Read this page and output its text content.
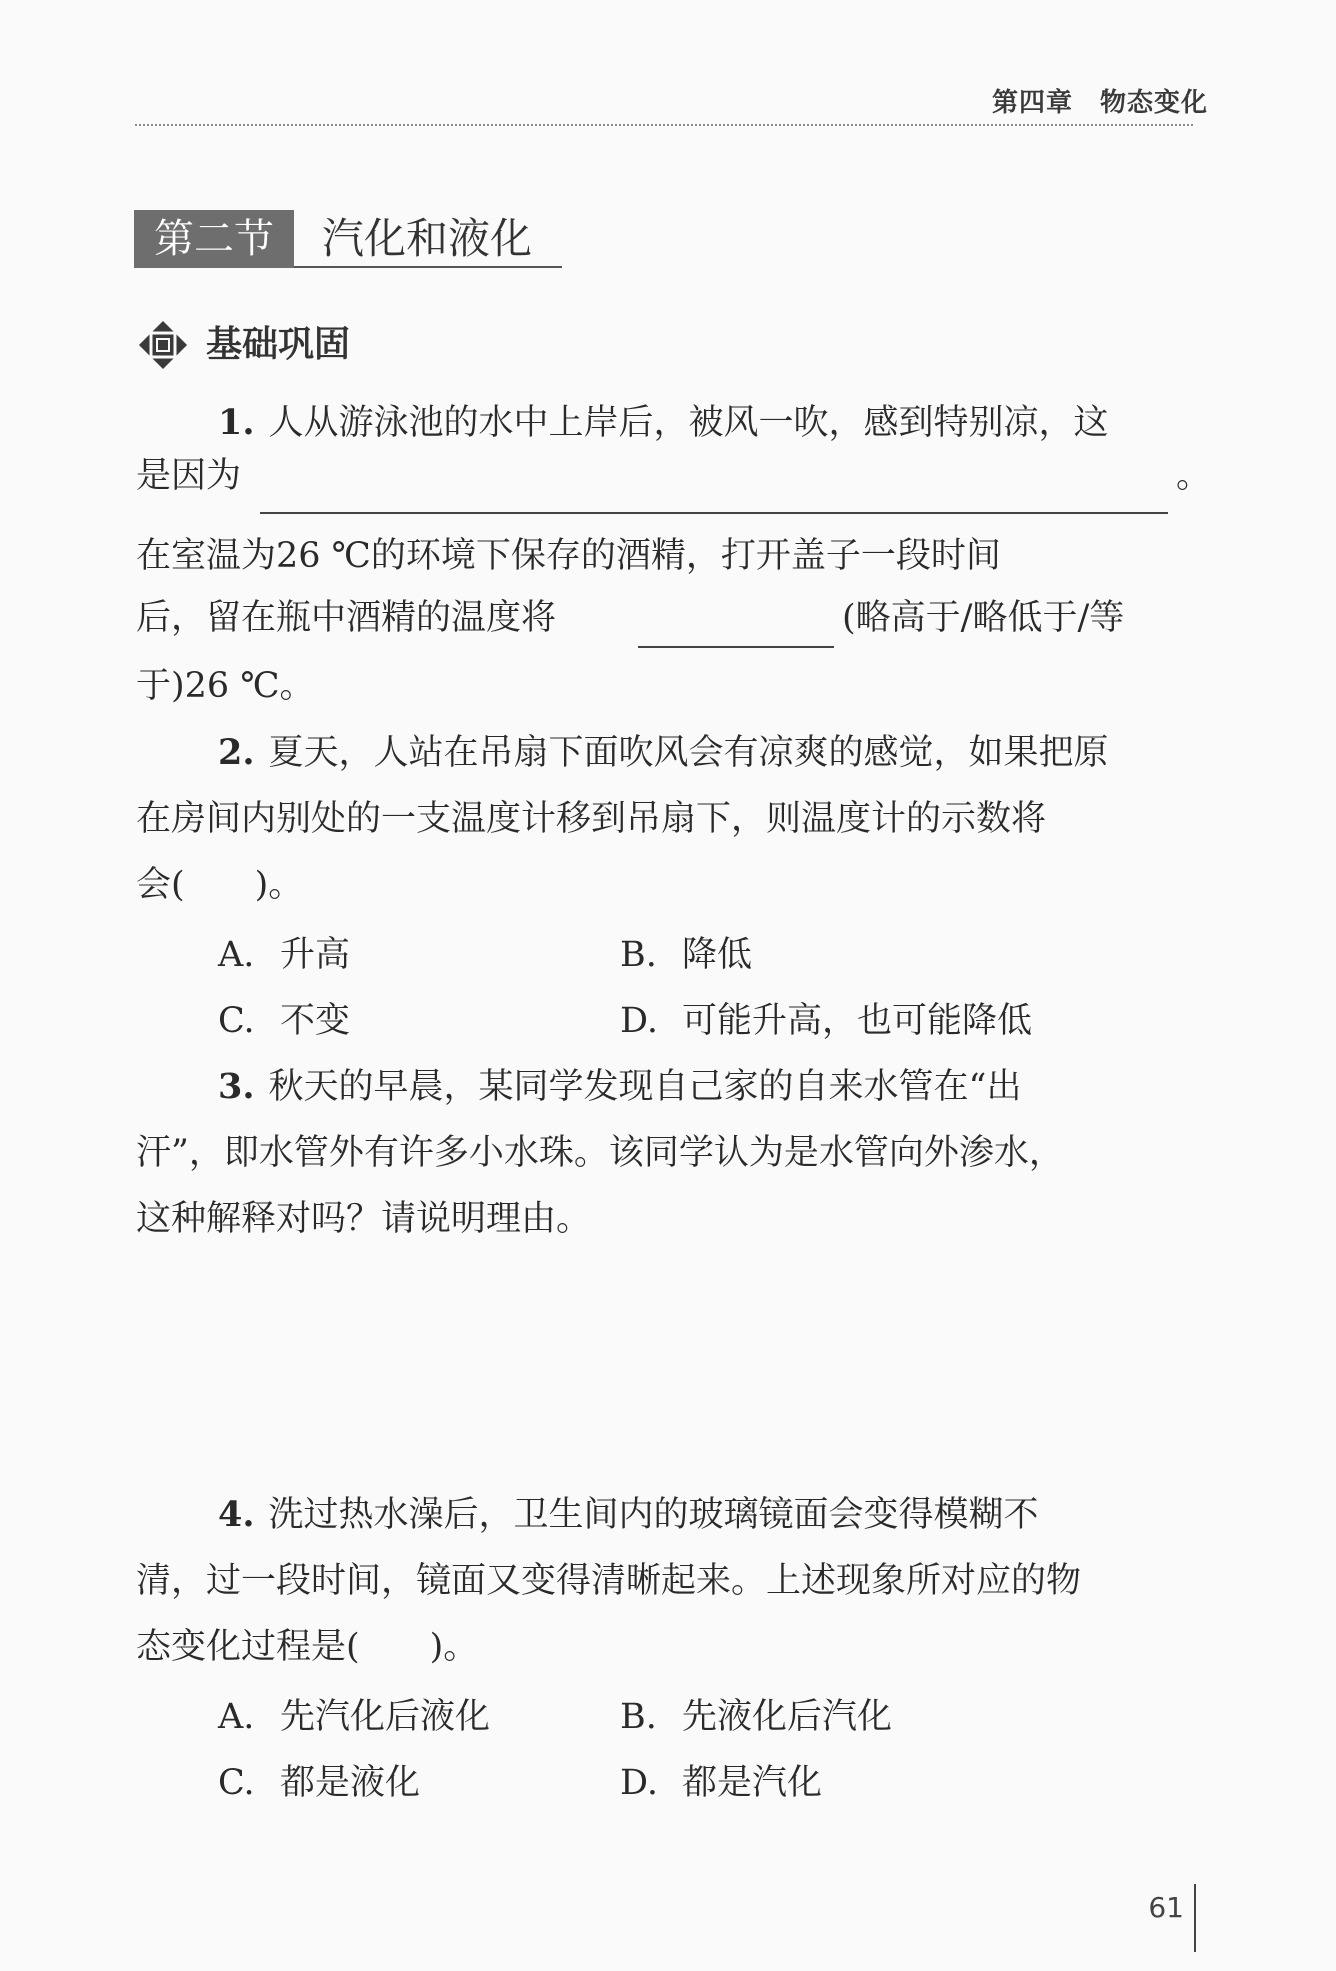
第四章　物态变化
第二节	汽化和液化
基础巩固
1. 人从游泳池的水中上岸后，被风一吹，感到特别凉，这
是因为	。
在室温为26 ℃的环境下保存的酒精，打开盖子一段时间
后，留在瓶中酒精的温度将	(略高于/略低于/等
于)26 ℃。
2. 夏天，人站在吊扇下面吹风会有凉爽的感觉，如果把原
在房间内别处的一支温度计移到吊扇下，则温度计的示数将
会(　　)。
A. 升高	B. 降低
C. 不变	D. 可能升高，也可能降低
3. 秋天的早晨，某同学发现自己家的自来水管在“出
汗”，即水管外有许多小水珠。该同学认为是水管向外渗水，
这种解释对吗？请说明理由。
4. 洗过热水澡后，卫生间内的玻璃镜面会变得模糊不
清，过一段时间，镜面又变得清晰起来。上述现象所对应的物
态变化过程是(　　)。
A. 先汽化后液化	B. 先液化后汽化
C. 都是液化	D. 都是汽化
61
